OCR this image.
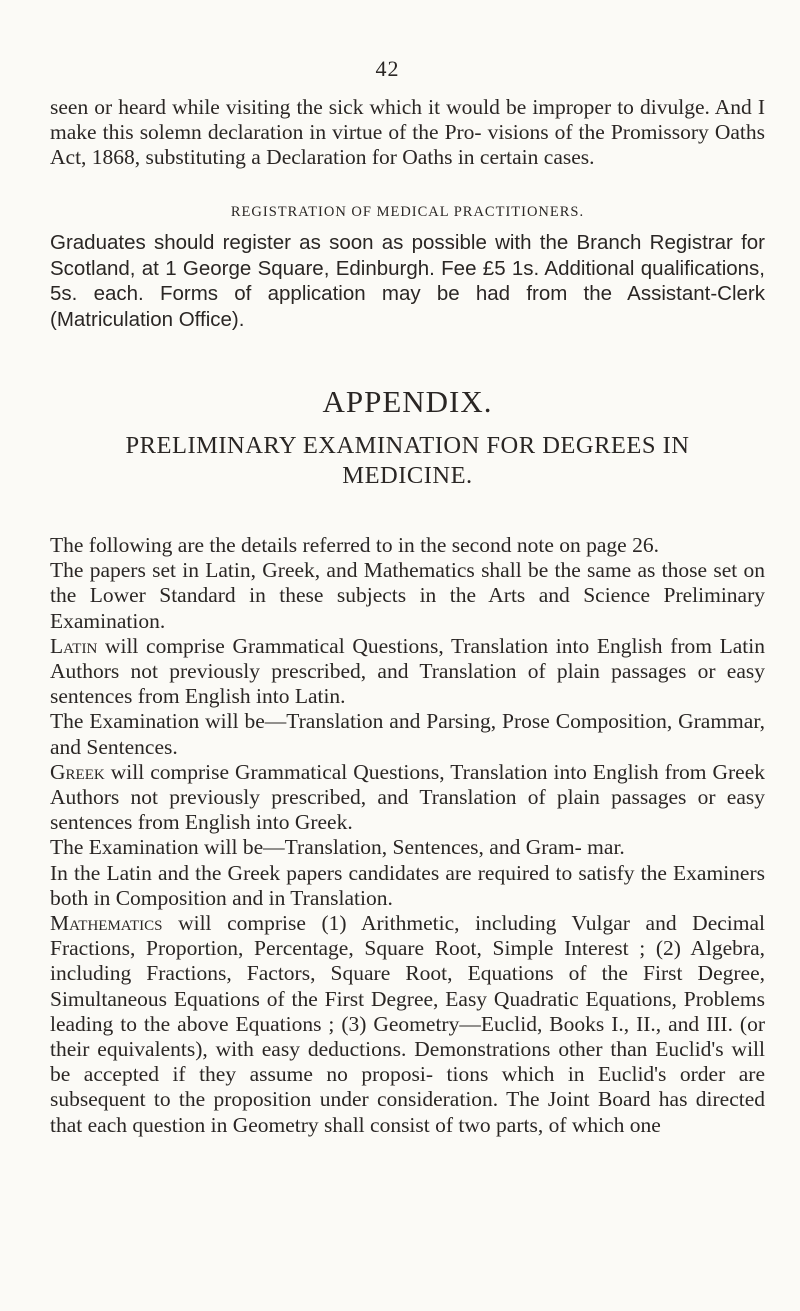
42

seen or heard while visiting the sick which it would be improper to divulge. And I make this solemn declaration in virtue of the Pro- visions of the Promissory Oaths Act, 1868, substituting a Declaration for Oaths in certain cases.

REGISTRATION OF MEDICAL PRACTITIONERS.

Graduates should register as soon as possible with the Branch Registrar for Scotland, at 1 George Square, Edinburgh. Fee £5 1s. Additional qualifications, 5s. each. Forms of application may be had from the Assistant-Clerk (Matriculation Office).

APPENDIX.
PRELIMINARY EXAMINATION FOR DEGREES IN
MEDICINE.

The following are the details referred to in the second note on page 26.

The papers set in Latin, Greek, and Mathematics shall be the same as those set on the Lower Standard in these subjects in the Arts and Science Preliminary Examination.

Latin will comprise Grammatical Questions, Translation into English from Latin Authors not previously prescribed, and Translation of plain passages or easy sentences from English into Latin.

The Examination will be—Translation and Parsing, Prose Composition, Grammar, and Sentences.

Greek will comprise Grammatical Questions, Translation into English from Greek Authors not previously prescribed, and Translation of plain passages or easy sentences from English into Greek.

The Examination will be—Translation, Sentences, and Gram- mar.

In the Latin and the Greek papers candidates are required to satisfy the Examiners both in Composition and in Translation.

Mathematics will comprise (1) Arithmetic, including Vulgar and Decimal Fractions, Proportion, Percentage, Square Root, Simple Interest ; (2) Algebra, including Fractions, Factors, Square Root, Equations of the First Degree, Simultaneous Equations of the First Degree, Easy Quadratic Equations, Problems leading to the above Equations ; (3) Geometry—Euclid, Books I., II., and III. (or their equivalents), with easy deductions. Demonstrations other than Euclid's will be accepted if they assume no proposi- tions which in Euclid's order are subsequent to the proposition under consideration. The Joint Board has directed that each question in Geometry shall consist of two parts, of which one
